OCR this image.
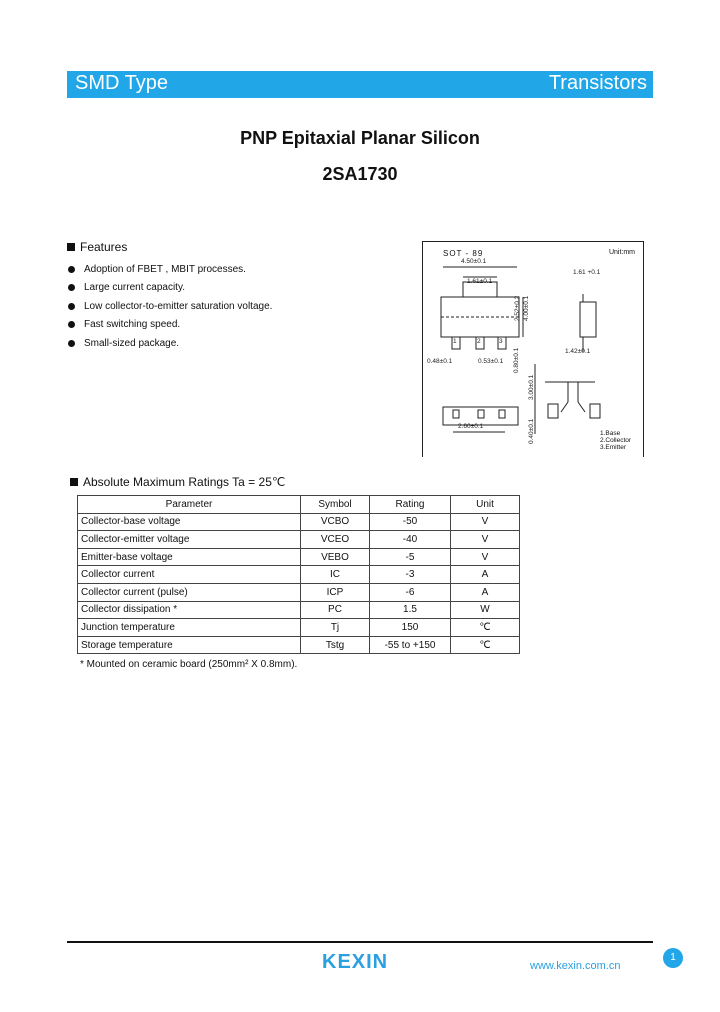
SMD Type	Transistors
PNP Epitaxial Planar Silicon
2SA1730
Features
Adoption of FBET , MBIT processes.
Large current capacity.
Low collector-to-emitter saturation voltage.
Fast switching speed.
Small-sized package.
SOT - 89	Unit:mm
4.50±0.1
1.61±0.1
1.61 +0.1
2.52±0.2 4.00±0.1
1	2	3
0.48±0.1	0.53±0.1 0.80±0.1	1.42±0.1
2.60±0.1
3.00±0.1
0.40±0.1	1.Base
2.Collector
3.Emitter
Absolute Maximum Ratings Ta = 25℃
Parameter	Symbol	Rating	Unit
Collector-base voltage	VCBO	-50	V
Collector-emitter voltage	VCEO	-40	V
Emitter-base voltage	VEBO	-5	V
Collector current	IC	-3	A
Collector current (pulse)	ICP	-6	A
Collector dissipation *	PC	1.5	W
Junction temperature	Tj	150	℃
Storage temperature	Tstg	-55 to +150	℃
* Mounted on ceramic board (250mm² X 0.8mm).
KEXIN	www.kexin.com.cn
1
